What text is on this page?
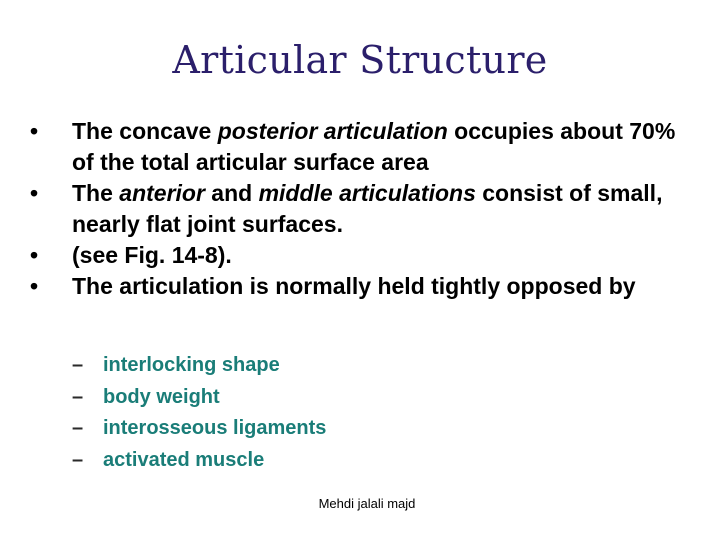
Articular Structure
•	The concave posterior articulation occupies about 70% of the total articular surface area
•	The anterior and middle articulations consist of small, nearly flat joint surfaces.
•	(see Fig. 14-8).
•	The articulation is normally held tightly opposed by
– interlocking shape
– body weight
– interosseous ligaments
– activated muscle
Mehdi jalali majd
